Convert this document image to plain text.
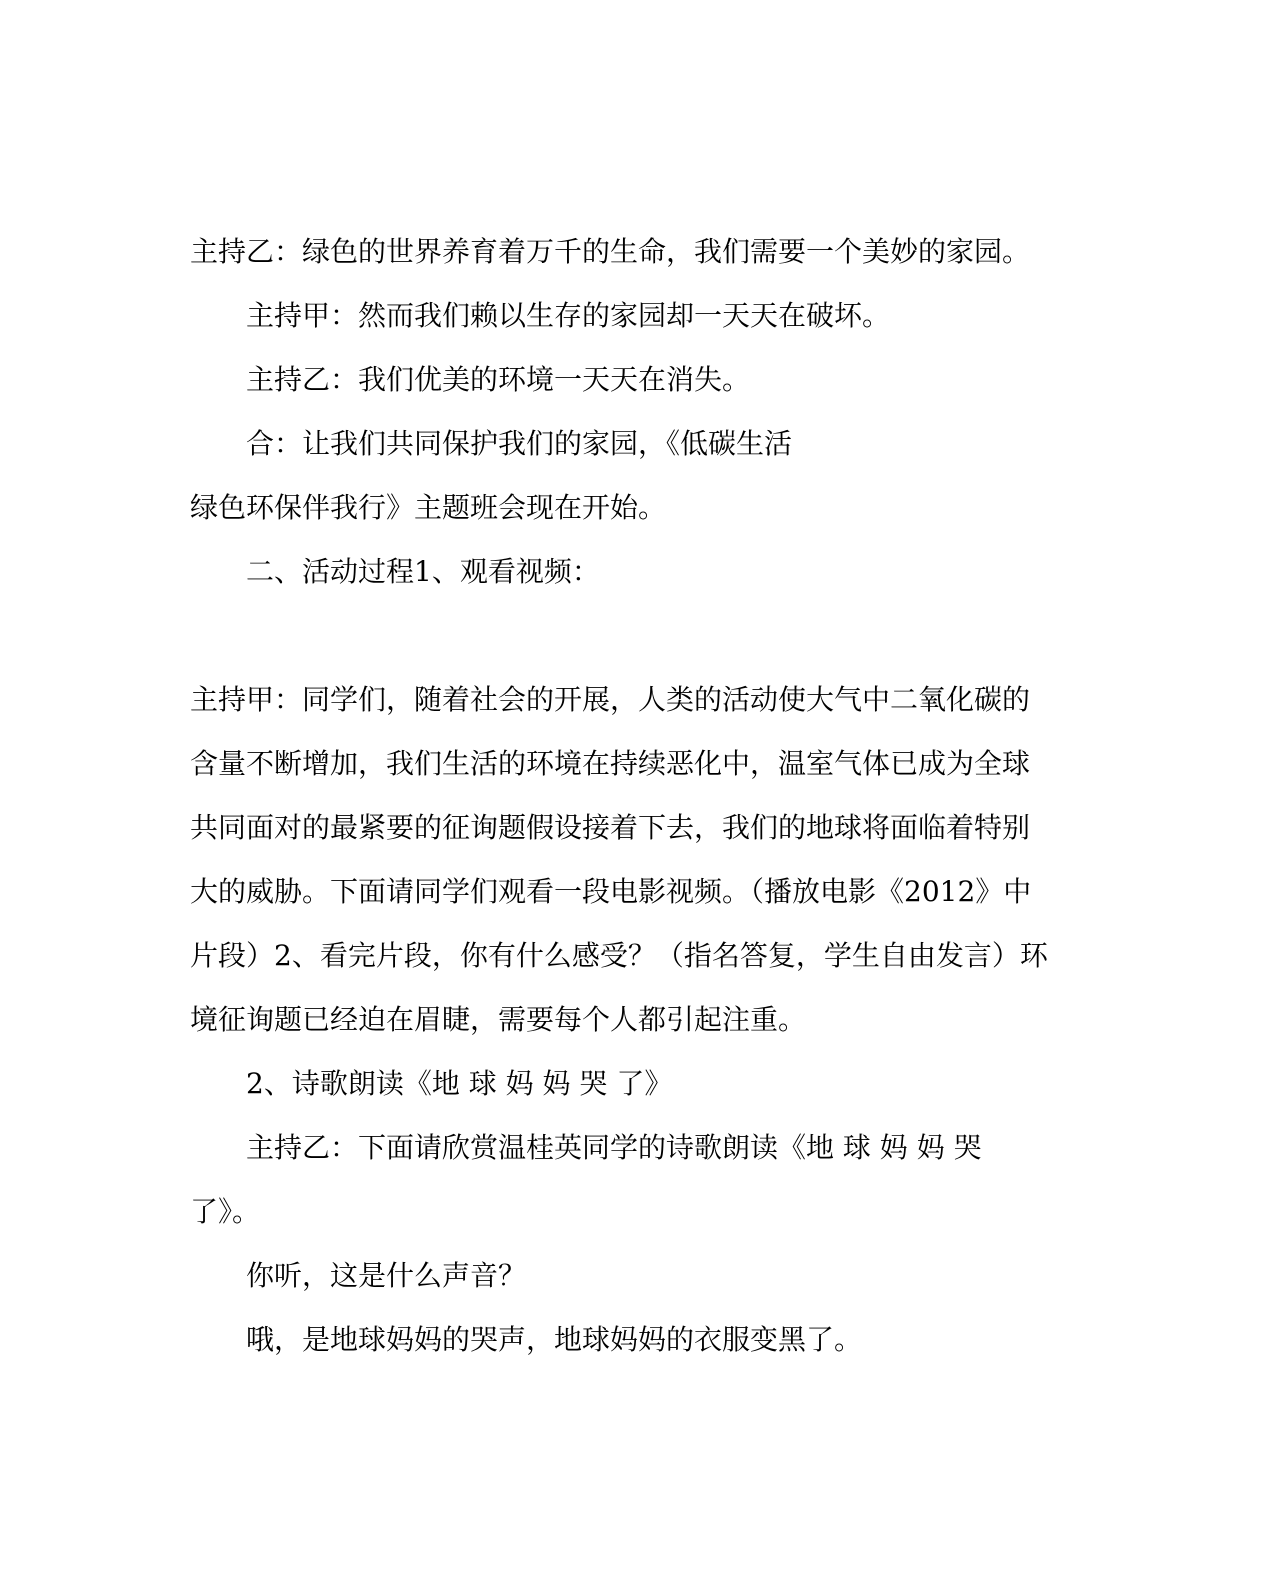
主持乙：绿色的世界养育着万千的生命，我们需要一个美妙的家园。
主持甲：然而我们赖以生存的家园却一天天在破坏。
主持乙：我们优美的环境一天天在消失。
合：让我们共同保护我们的家园，《低碳生活
绿色环保伴我行》主题班会现在开始。
二、活动过程1、观看视频：
主持甲：同学们，随着社会的开展，人类的活动使大气中二氧化碳的
含量不断增加，我们生活的环境在持续恶化中，温室气体已成为全球
共同面对的最紧要的征询题假设接着下去，我们的地球将面临着特别
大的威胁。下面请同学们观看一段电影视频。（播放电影《2012》中
片段）2、看完片段，你有什么感受？（指名答复，学生自由发言）环
境征询题已经迫在眉睫，需要每个人都引起注重。
2、诗歌朗读《地 球 妈 妈 哭 了》
主持乙：下面请欣赏温桂英同学的诗歌朗读《地 球 妈 妈 哭
了》。
你听，这是什么声音？
哦，是地球妈妈的哭声，地球妈妈的衣服变黑了。
